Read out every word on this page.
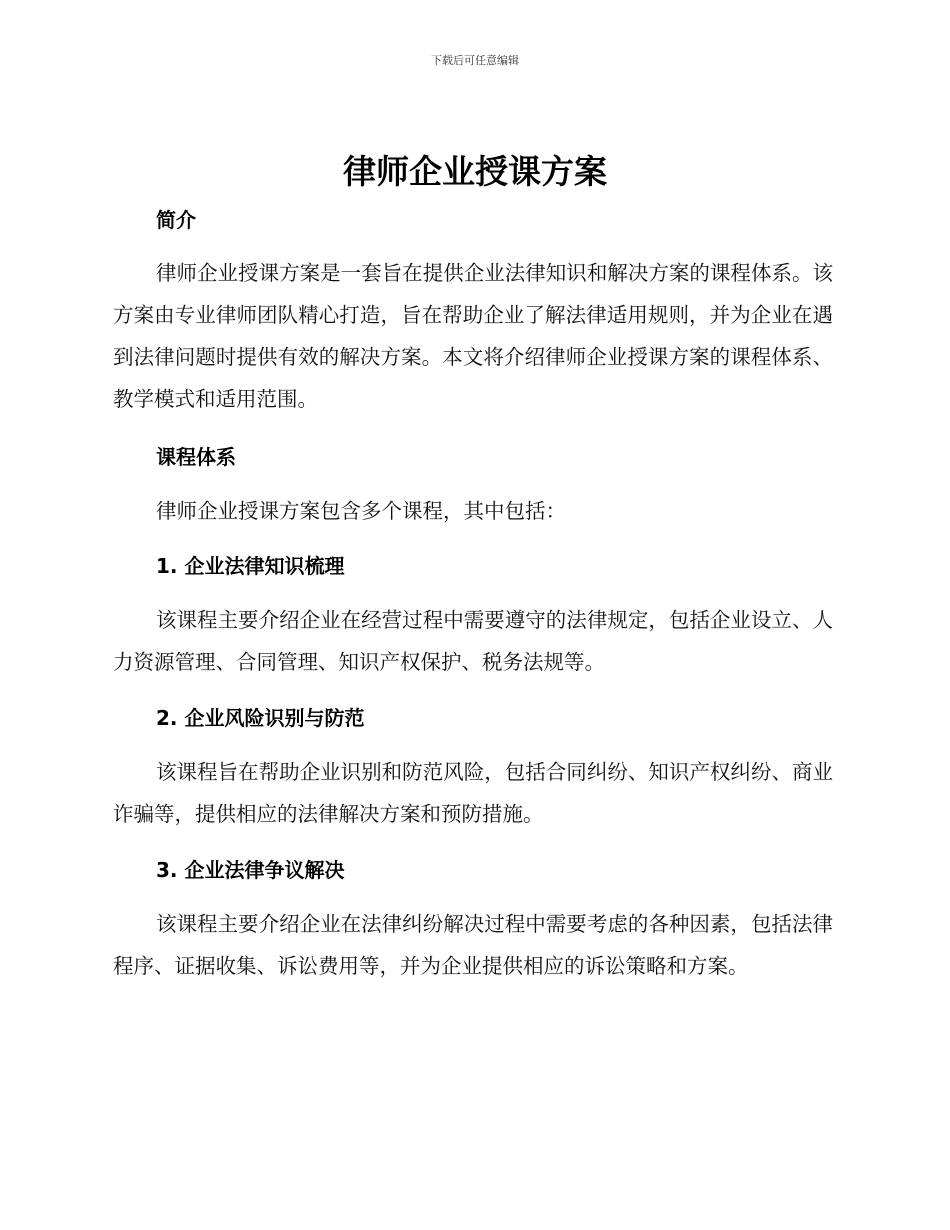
下载后可任意编辑
律师企业授课方案
简介

律师企业授课方案是一套旨在提供企业法律知识和解决方案的课程体系。该方案由专业律师团队精心打造，旨在帮助企业了解法律适用规则，并为企业在遇到法律问题时提供有效的解决方案。本文将介绍律师企业授课方案的课程体系、教学模式和适用范围。

课程体系

律师企业授课方案包含多个课程，其中包括：

1. 企业法律知识梳理

该课程主要介绍企业在经营过程中需要遵守的法律规定，包括企业设立、人力资源管理、合同管理、知识产权保护、税务法规等。

2. 企业风险识别与防范

该课程旨在帮助企业识别和防范风险，包括合同纠纷、知识产权纠纷、商业诈骗等，提供相应的法律解决方案和预防措施。

3. 企业法律争议解决

该课程主要介绍企业在法律纠纷解决过程中需要考虑的各种因素，包括法律程序、证据收集、诉讼费用等，并为企业提供相应的诉讼策略和方案。
